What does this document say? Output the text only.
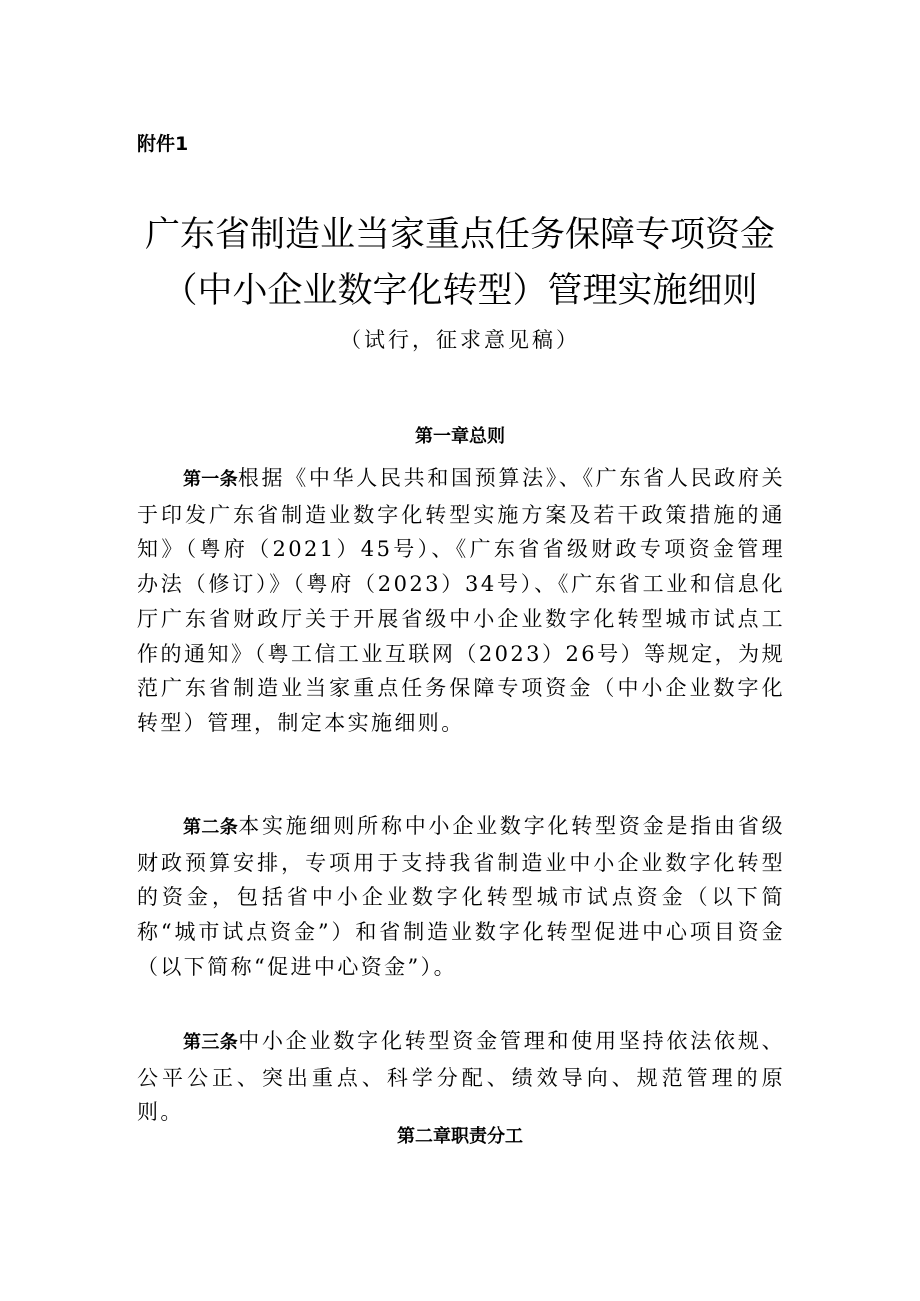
附件1
广东省制造业当家重点任务保障专项资金
（中小企业数字化转型）管理实施细则
（试行，征求意见稿）
第一章总则
第一条根据《中华人民共和国预算法》、《广东省人民政府关于印发广东省制造业数字化转型实施方案及若干政策措施的通知》（粤府（2021）45号）、《广东省省级财政专项资金管理办法（修订）》（粤府（2023）34号）、《广东省工业和信息化厅广东省财政厅关于开展省级中小企业数字化转型城市试点工作的通知》（粤工信工业互联网（2023）26号）等规定，为规范广东省制造业当家重点任务保障专项资金（中小企业数字化转型）管理，制定本实施细则。
第二条本实施细则所称中小企业数字化转型资金是指由省级财政预算安排，专项用于支持我省制造业中小企业数字化转型的资金，包括省中小企业数字化转型城市试点资金（以下简称“城市试点资金”）和省制造业数字化转型促进中心项目资金（以下简称“促进中心资金”）。
第三条中小企业数字化转型资金管理和使用坚持依法依规、公平公正、突出重点、科学分配、绩效导向、规范管理的原则。
第二章职责分工
